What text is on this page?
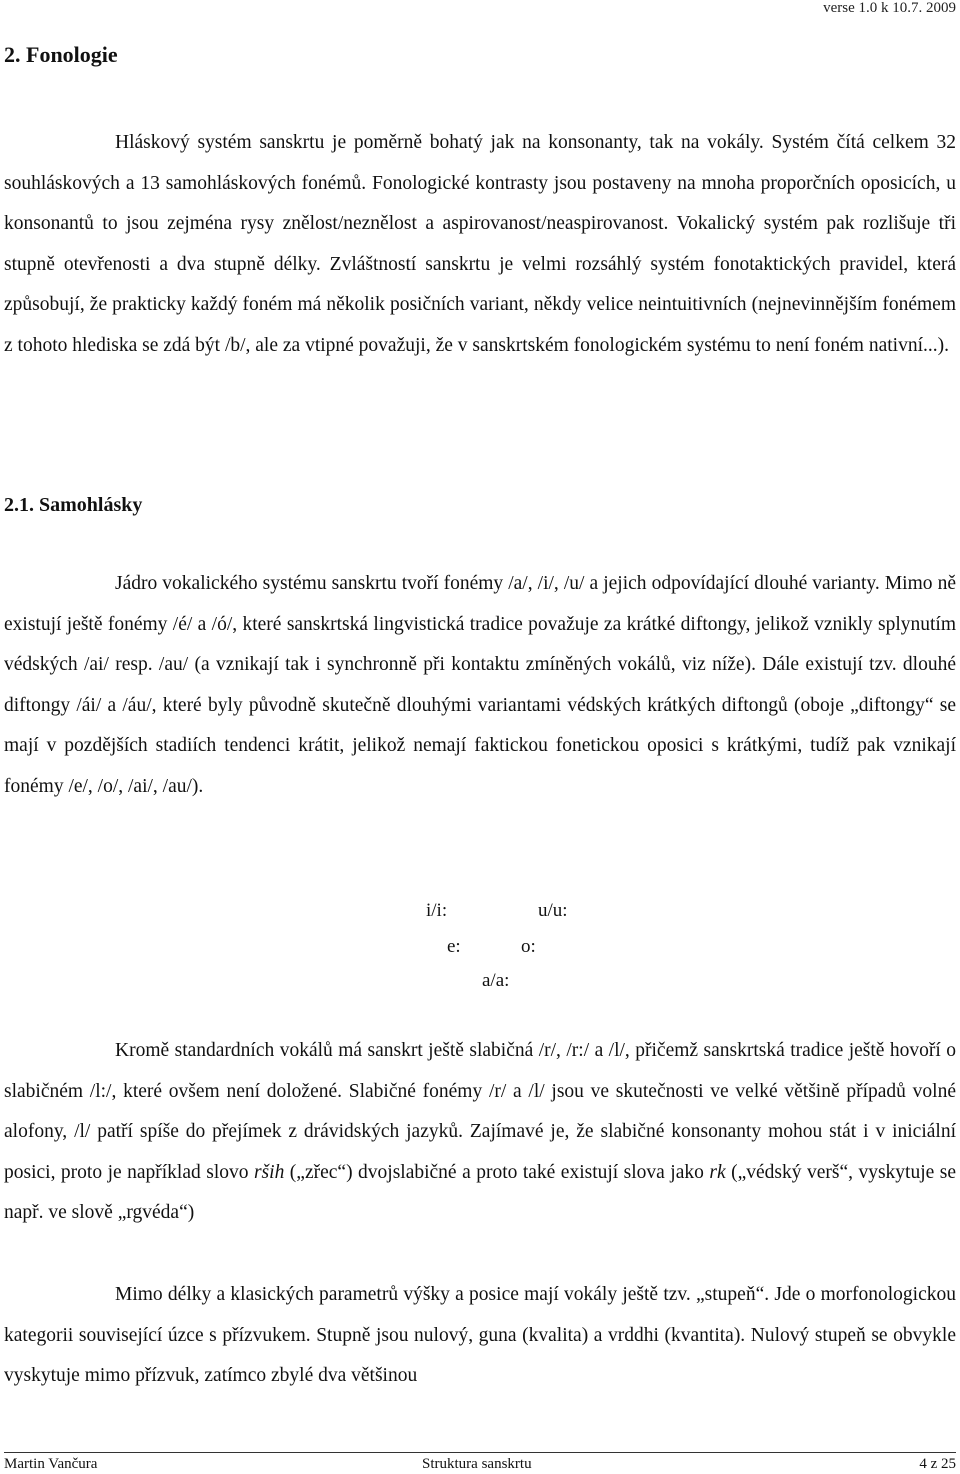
verse 1.0 k 10.7. 2009
2. Fonologie

Hláskový systém sanskrtu je poměrně bohatý jak na konsonanty, tak na vokály. Systém čítá celkem 32 souhláskových a 13 samohláskových fonémů. Fonologické kontrasty jsou postaveny na mnoha proporčních oposicích, u konsonantů to jsou zejména rysy znělost/neznělost a aspirovanost/neaspirovanost. Vokalický systém pak rozlišuje tři stupně otevřenosti a dva stupně délky. Zvláštností sanskrtu je velmi rozsáhlý systém fonotaktických pravidel, která způsobují, že prakticky každý foném má několik posičních variant, někdy velice neintuitivních (nejnevinnějším fonémem z tohoto hlediska se zdá být /b/, ale za vtipné považuji, že v sanskrtském fonologickém systému to není foném nativní...).

2.1. Samohlásky

Jádro vokalického systému sanskrtu tvoří fonémy /a/, /i/, /u/ a jejich odpovídající dlouhé varianty. Mimo ně existují ještě fonémy /é/ a /ó/, které sanskrtská lingvistická tradice považuje za krátké diftongy, jelikož vznikly splynutím védských /ai/ resp. /au/ (a vznikají tak i synchronně při kontaktu zmíněných vokálů, viz níže). Dále existují tzv. dlouhé diftongy /ái/ a /áu/, které byly původně skutečně dlouhými variantami védských krátkých diftongů (oboje „diftongy“ se mají v pozdějších stadiích tendenci krátit, jelikož nemají faktickou fonetickou oposici s krátkými, tudíž pak vznikají fonémy /e/, /o/, /ai/, /au/).

i/i:	u/u:
e:	o:
a/a:

Kromě standardních vokálů má sanskrt ještě slabičná /r/, /r:/ a /l/, přičemž sanskrtská tradice ještě hovoří o slabičném /l:/, které ovšem není doložené. Slabičné fonémy /r/ a /l/ jsou ve skutečnosti ve velké většině případů volné alofony, /l/ patří spíše do přejímek z drávidských jazyků. Zajímavé je, že slabičné konsonanty mohou stát i v iniciální posici, proto je například slovo rših („zřec“) dvojslabičné a proto také existují slova jako rk („védský verš“, vyskytuje se např. ve slově „rgvéda“)

Mimo délky a klasických parametrů výšky a posice mají vokály ještě tzv. „stupeň“. Jde o morfonologickou kategorii související úzce s přízvukem. Stupně jsou nulový, guna (kvalita) a vrddhi (kvantita). Nulový stupeň se obvykle vyskytuje mimo přízvuk, zatímco zbylé dva většinou

Martin Vančura	Struktura sanskrtu	4 z 25
